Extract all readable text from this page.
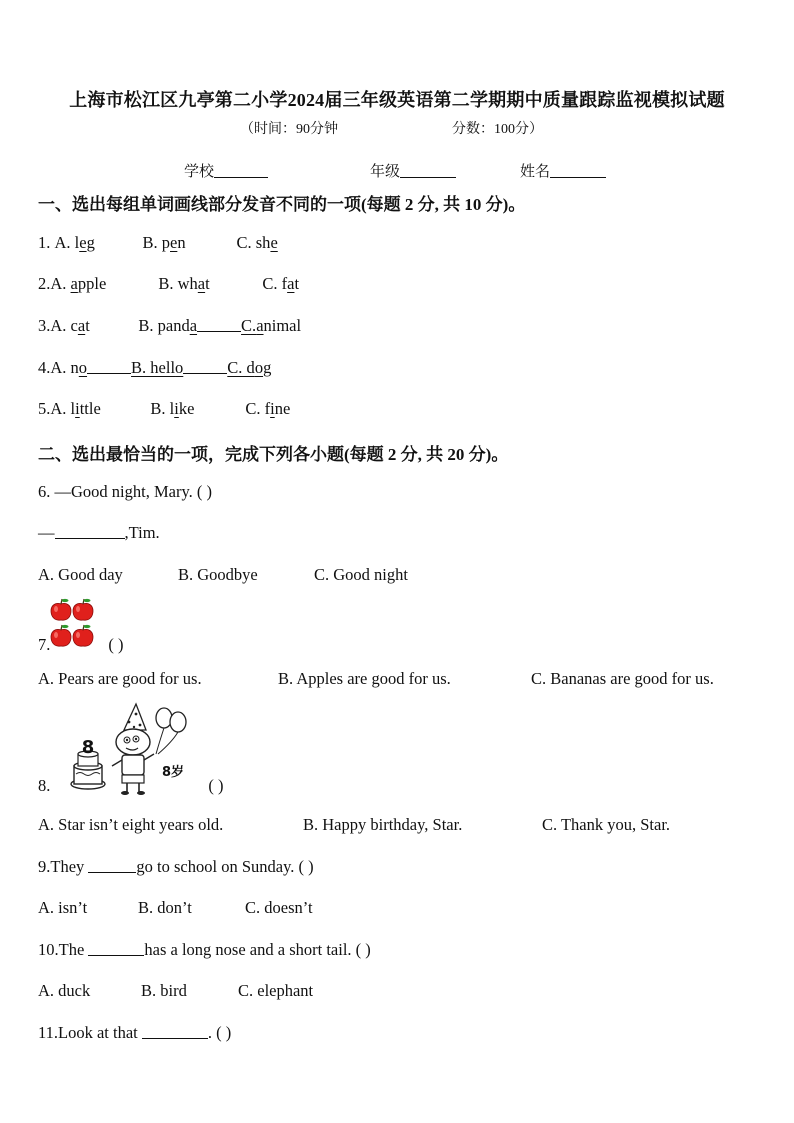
上海市松江区九亭第二小学2024届三年级英语第二学期期中质量跟踪监视模拟试题
（时间：90分钟	分数：100分）
学校	年级	姓名
一、选出每组单词画线部分发音不同的一项(每题 2 分, 共 10 分)。
1. A. leg	B. pen	C. she
2.A. apple	B. what	C. fat
3.A. cat	B. panda	C.animal
4.A. no	B. hello	C. dog
5.A. little	B. like	C. fine
二、选出最恰当的一项，完成下列各小题(每题 2 分, 共 20 分)。
6. —Good night, Mary. ( )
—	,Tim.
A. Good day	B. Goodbye	C. Good night
7.	( )
A. Pears are good for us.	B. Apples are good for us.	C. Bananas are good for us.
8
8岁
8.	( )
A. Star isn’t eight years old.	B. Happy birthday, Star.	C. Thank you, Star.
9.They	go to school on Sunday. ( )
A. isn’t	B. don’t	C. doesn’t
10.The	has a long nose and a short tail. ( )
A. duck	B. bird	C. elephant
11.Look at that	. ( )
